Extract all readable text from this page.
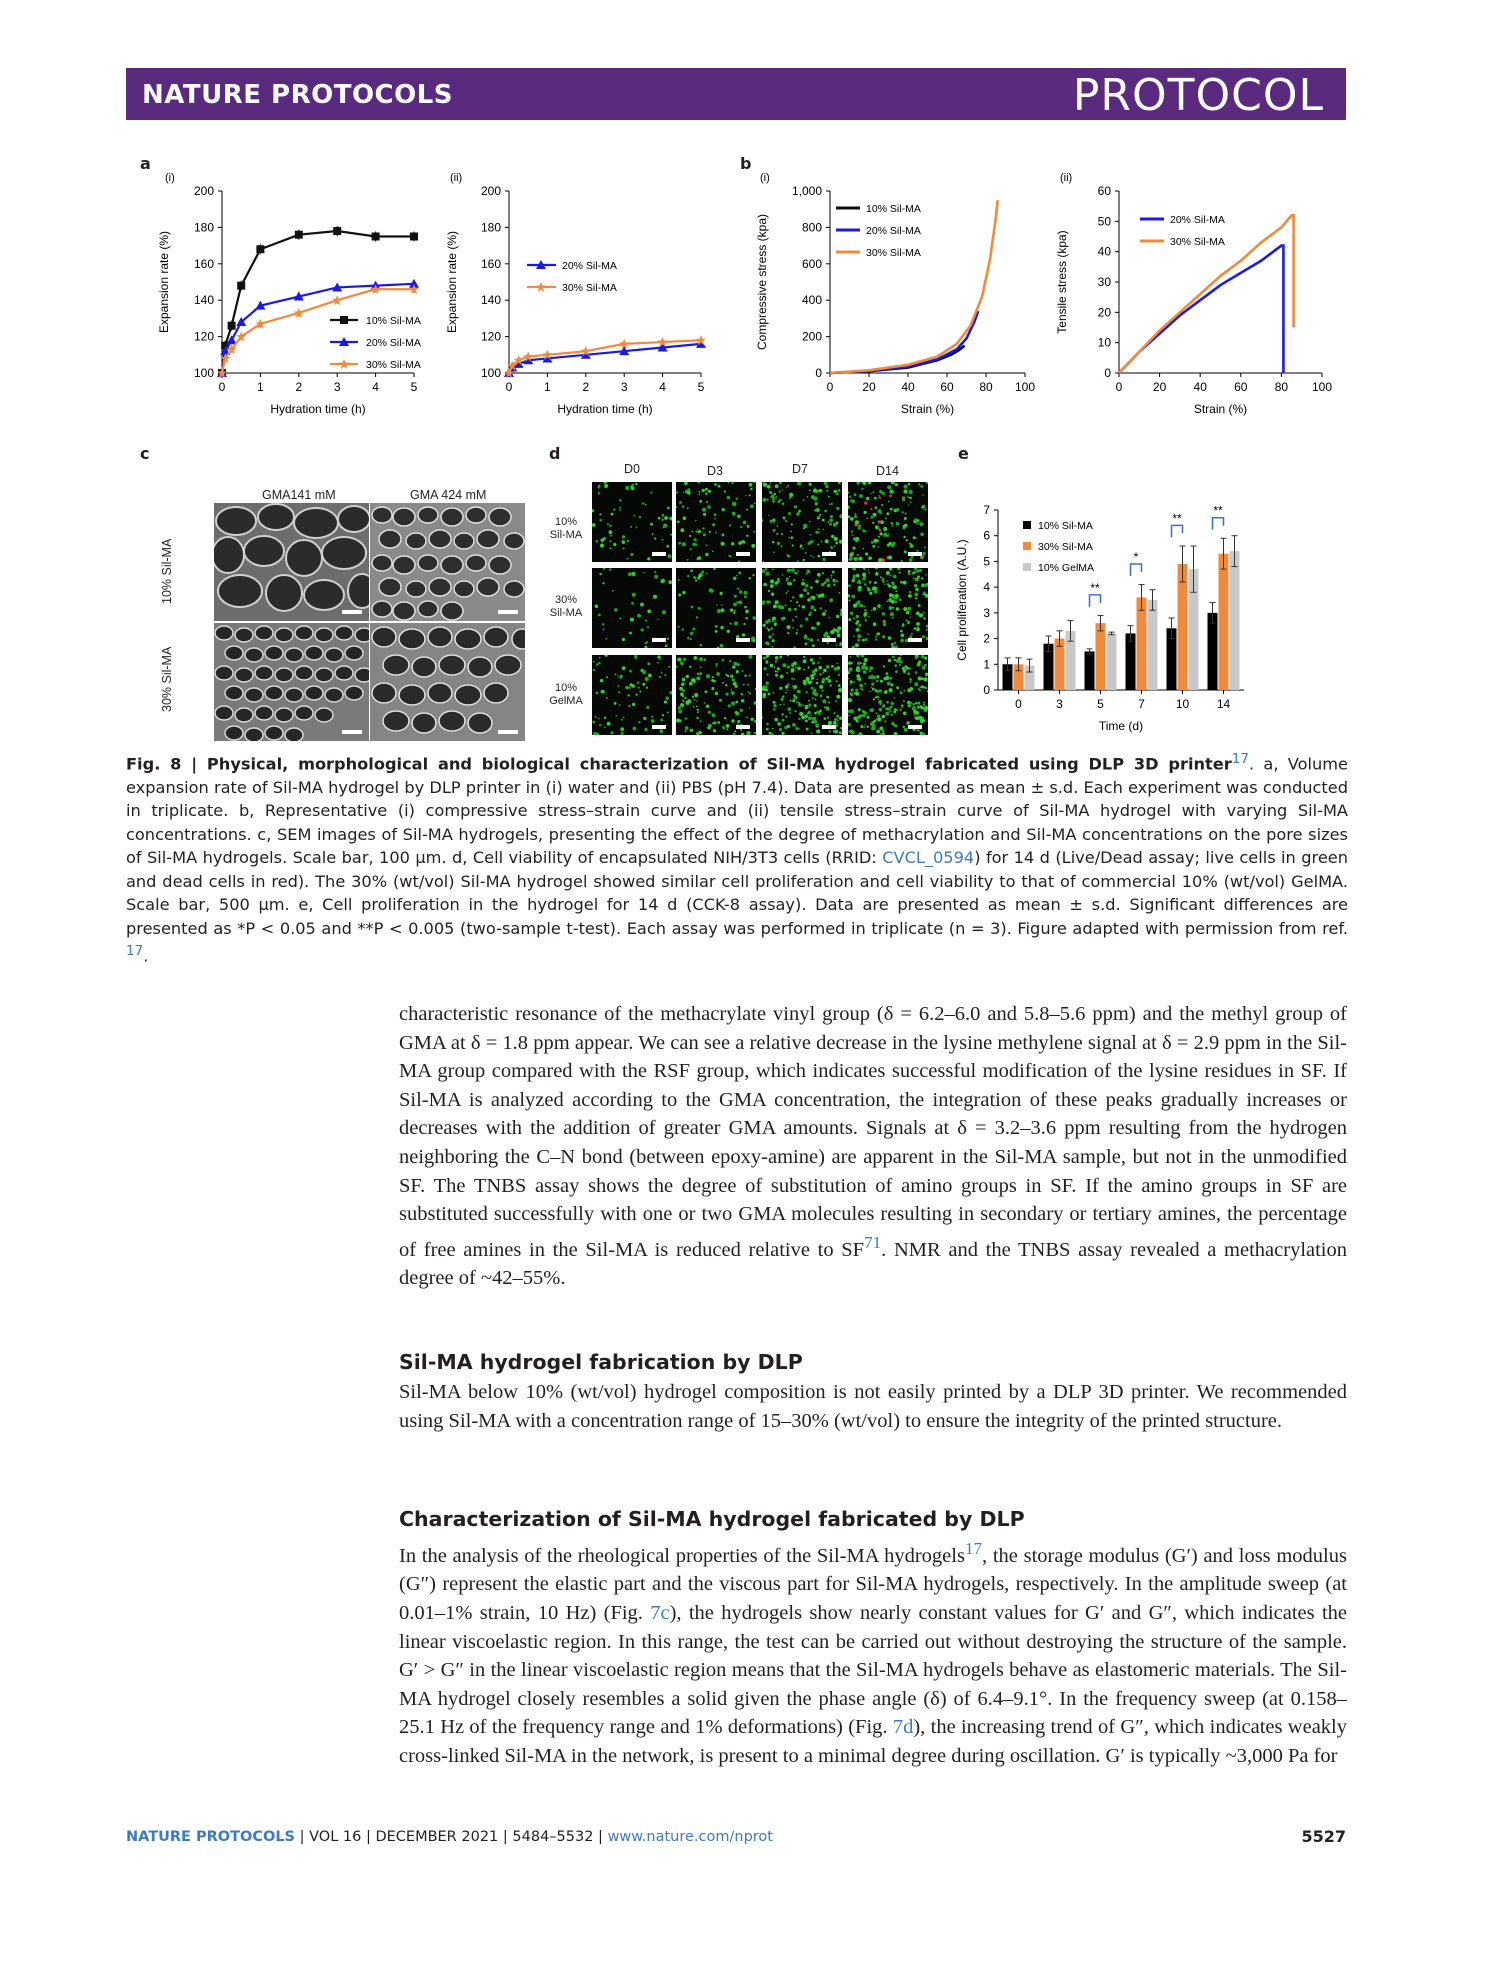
NATURE PROTOCOLS	PROTOCOL
a	b
c	d	e
0	1	2	3	4	5
100
120
140
160
180
200
Hydration time (h)
Expansion rate (%)
(i)
10% Sil-MA
20% Sil-MA
30% Sil-MA
0	1	2	3	4	5
100
120
140
160
180
200
Hydration time (h)
Expansion rate (%)
(ii)
20% Sil-MA
30% Sil-MA
0 20 40 60 80 100
0
200
400
600
800
1,000
Strain (%)
Compressive stress (kpa)
(i)
10% Sil-MA
20% Sil-MA
30% Sil-MA
0	20 40 60 80 100
0
10
20
30
40
50
60
Strain (%)
Tensile stress (kpa)
(ii)
20% Sil-MA
30% Sil-MA
0	3	5	7	10 14
0
1
2
3
4
5
6
7
Time (d)
Cell proliferation (A.U.)	**
*
**
**
10% Sil-MA
30% Sil-MA
10% GelMA
GMA141 mM	GMA 424 mM
10% Sil-MA
30% Sil-MA
D0	D3	D7	D14
10%
Sil-MA
30%
Sil-MA
10%
GelMA
Fig. 8 | Physical, morphological and biological characterization of Sil-MA hydrogel fabricated using DLP 3D printer$^{17}$. a, Volume expansion rate of Sil-MA hydrogel by DLP printer in (i) water and (ii) PBS (pH 7.4). Data are presented as mean ± s.d. Each experiment was conducted in triplicate. b, Representative (i) compressive stress–strain curve and (ii) tensile stress–strain curve of Sil-MA hydrogel with varying Sil-MA concentrations. c, SEM images of Sil-MA hydrogels, presenting the effect of the degree of methacrylation and Sil-MA concentrations on the pore sizes of Sil-MA hydrogels. Scale bar, 100 μm. d, Cell viability of encapsulated NIH/3T3 cells (RRID: CVCL_0594) for 14 d (Live/Dead assay; live cells in green and dead cells in red). The 30% (wt/vol) Sil-MA hydrogel showed similar cell proliferation and cell viability to that of commercial 10% (wt/vol) GelMA. Scale bar, 500 μm. e, Cell proliferation in the hydrogel for 14 d (CCK-8 assay). Data are presented as mean ± s.d. Significant differences are presented as *P < 0.05 and **P < 0.005 (two-sample t-test). Each assay was performed in triplicate (n = 3). Figure adapted with permission from ref. $^{17}$.
characteristic resonance of the methacrylate vinyl group (δ = 6.2–6.0 and 5.8–5.6 ppm) and the methyl group of GMA at δ = 1.8 ppm appear. We can see a relative decrease in the lysine methylene signal at δ = 2.9 ppm in the Sil-MA group compared with the RSF group, which indicates successful modification of the lysine residues in SF. If Sil-MA is analyzed according to the GMA concentration, the integration of these peaks gradually increases or decreases with the addition of greater GMA amounts. Signals at δ = 3.2–3.6 ppm resulting from the hydrogen neighboring the C–N bond (between epoxy-amine) are apparent in the Sil-MA sample, but not in the unmodified SF. The TNBS assay shows the degree of substitution of amino groups in SF. If the amino groups in SF are substituted successfully with one or two GMA molecules resulting in secondary or tertiary amines, the percentage of free amines in the Sil-MA is reduced relative to SF$^{71}$. NMR and the TNBS assay revealed a methacrylation degree of ~42–55%.
Sil-MA hydrogel fabrication by DLP
Sil-MA below 10% (wt/vol) hydrogel composition is not easily printed by a DLP 3D printer. We recommended using Sil-MA with a concentration range of 15–30% (wt/vol) to ensure the integrity of the printed structure.
Characterization of Sil-MA hydrogel fabricated by DLP
In the analysis of the rheological properties of the Sil-MA hydrogels$^{17}$, the storage modulus (G′) and loss modulus (G″) represent the elastic part and the viscous part for Sil-MA hydrogels, respectively. In the amplitude sweep (at 0.01–1% strain, 10 Hz) (Fig. 7c), the hydrogels show nearly constant values for G′ and G″, which indicates the linear viscoelastic region. In this range, the test can be carried out without destroying the structure of the sample. G′ > G″ in the linear viscoelastic region means that the Sil-MA hydrogels behave as elastomeric materials. The Sil-MA hydrogel closely resembles a solid given the phase angle (δ) of 6.4–9.1°. In the frequency sweep (at 0.158–25.1 Hz of the frequency range and 1% deformations) (Fig. 7d), the increasing trend of G″, which indicates weakly cross-linked Sil-MA in the network, is present to a minimal degree during oscillation. G′ is typically ~3,000 Pa for
NATURE PROTOCOLS | VOL 16 | DECEMBER 2021 | 5484–5532 | www.nature.com/nprot	5527
